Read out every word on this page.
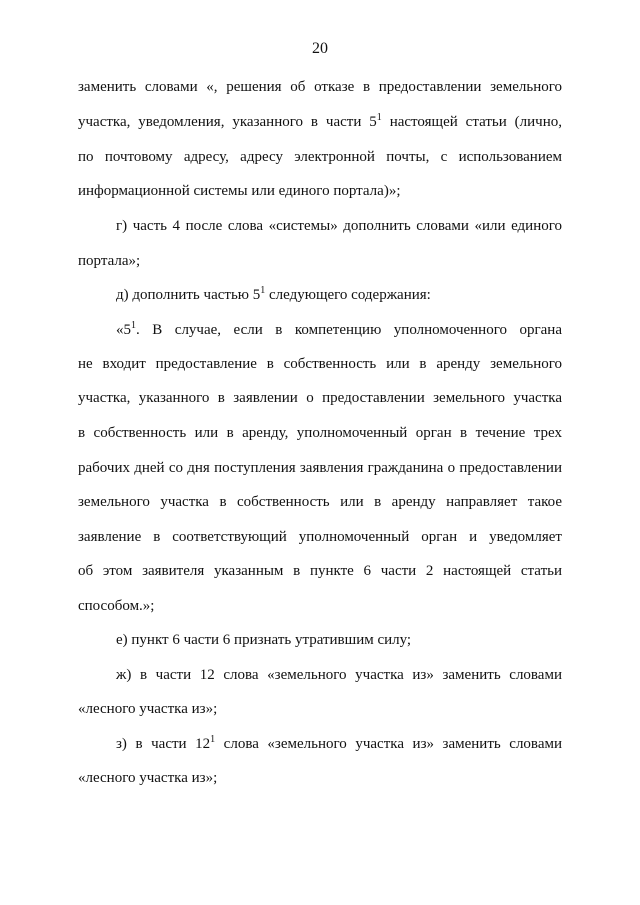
20
заменить словами «, решения об отказе в предоставлении земельного
участка, уведомления, указанного в части $5^1$ настоящей статьи (лично,
по почтовому адресу, адресу электронной почты, с использованием
информационной системы или единого портала)»;
г) часть 4 после слова «системы» дополнить словами «или единого
портала»;
д) дополнить частью $5^1$ следующего содержания:
«$5^1$. В случае, если в компетенцию уполномоченного органа
не входит предоставление в собственность или в аренду земельного
участка, указанного в заявлении о предоставлении земельного участка
в собственность или в аренду, уполномоченный орган в течение трех
рабочих дней со дня поступления заявления гражданина о предоставлении
земельного участка в собственность или в аренду направляет такое
заявление в соответствующий уполномоченный орган и уведомляет
об этом заявителя указанным в пункте 6 части 2 настоящей статьи
способом.»;
е) пункт 6 части 6 признать утратившим силу;
ж) в части 12 слова «земельного участка из» заменить словами
«лесного участка из»;
з) в части $12^1$ слова «земельного участка из» заменить словами
«лесного участка из»;
